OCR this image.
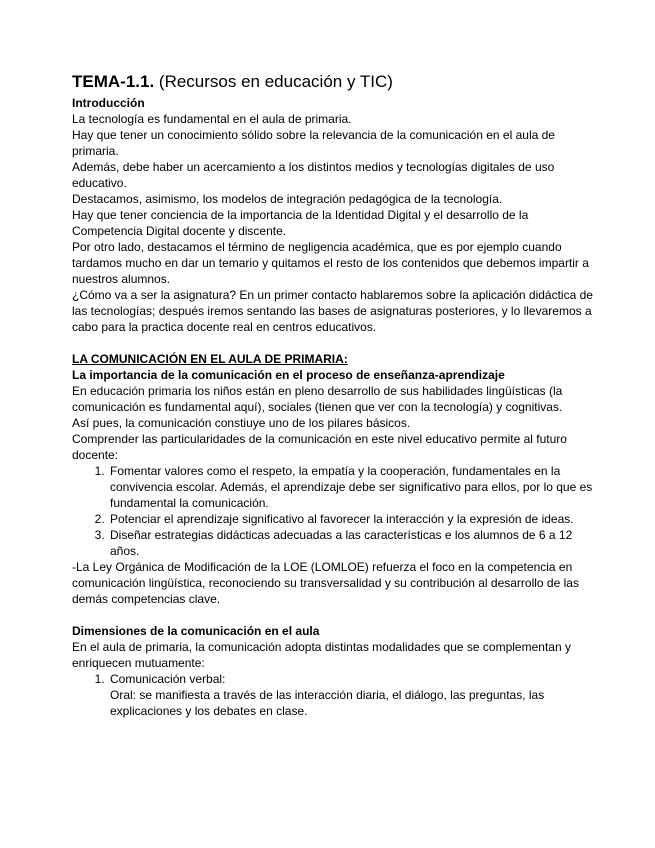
TEMA-1.1. (Recursos en educación y TIC)

Introducción

La tecnología es fundamental en el aula de primaria.

Hay que tener un conocimiento sólido sobre la relevancia de la comunicación en el aula de primaria.

Además, debe haber un acercamiento a los distintos medios y tecnologías digitales de uso educativo.

Destacamos, asimismo, los modelos de integración pedagógica de la tecnología.

Hay que tener conciencia de la importancia de la Identidad Digital y el desarrollo de la Competencia Digital docente y discente.

Por otro lado, destacamos el término de negligencia académica, que es por ejemplo cuando tardamos mucho en dar un temario y quitamos el resto de los contenidos que debemos impartir a nuestros alumnos.

¿Cómo va a ser la asignatura? En un primer contacto hablaremos sobre la aplicación didáctica de las tecnologías; después iremos sentando las bases de asignaturas posteriores, y lo llevaremos a cabo para la practica docente real en centros educativos.

LA COMUNICACIÓN EN EL AULA DE PRIMARIA:

La importancia de la comunicación en el proceso de enseñanza-aprendizaje

En educación primaria los niños están en pleno desarrollo de sus habilidades lingüísticas (la comunicación es fundamental aquí), sociales (tienen que ver con la tecnología) y cognitivas.

Así pues, la comunicación constiuye uno de los pilares básicos.

Comprender las particularidades de la comunicación en este nivel educativo permite al futuro docente:

1. Fomentar valores como el respeto, la empatía y la cooperación, fundamentales en la convivencia escolar. Además, el aprendizaje debe ser significativo para ellos, por lo que es fundamental la comunicación.
2. Potenciar el aprendizaje significativo al favorecer la interacción y la expresión de ideas.
3. Diseñar estrategias didácticas adecuadas a las características e los alumnos de 6 a 12 años.

-La Ley Orgánica de Modificación de la LOE (LOMLOE) refuerza el foco en la competencia en comunicación lingüística, reconociendo su transversalidad y su contribución al desarrollo de las demás competencias clave.

Dimensiones de la comunicación en el aula

En el aula de primaria, la comunicación adopta distintas modalidades que se complementan y enriquecen mutuamente:

1. Comunicación verbal:
Oral: se manifiesta a través de las interacción diaria, el diálogo, las preguntas, las explicaciones y los debates en clase.
